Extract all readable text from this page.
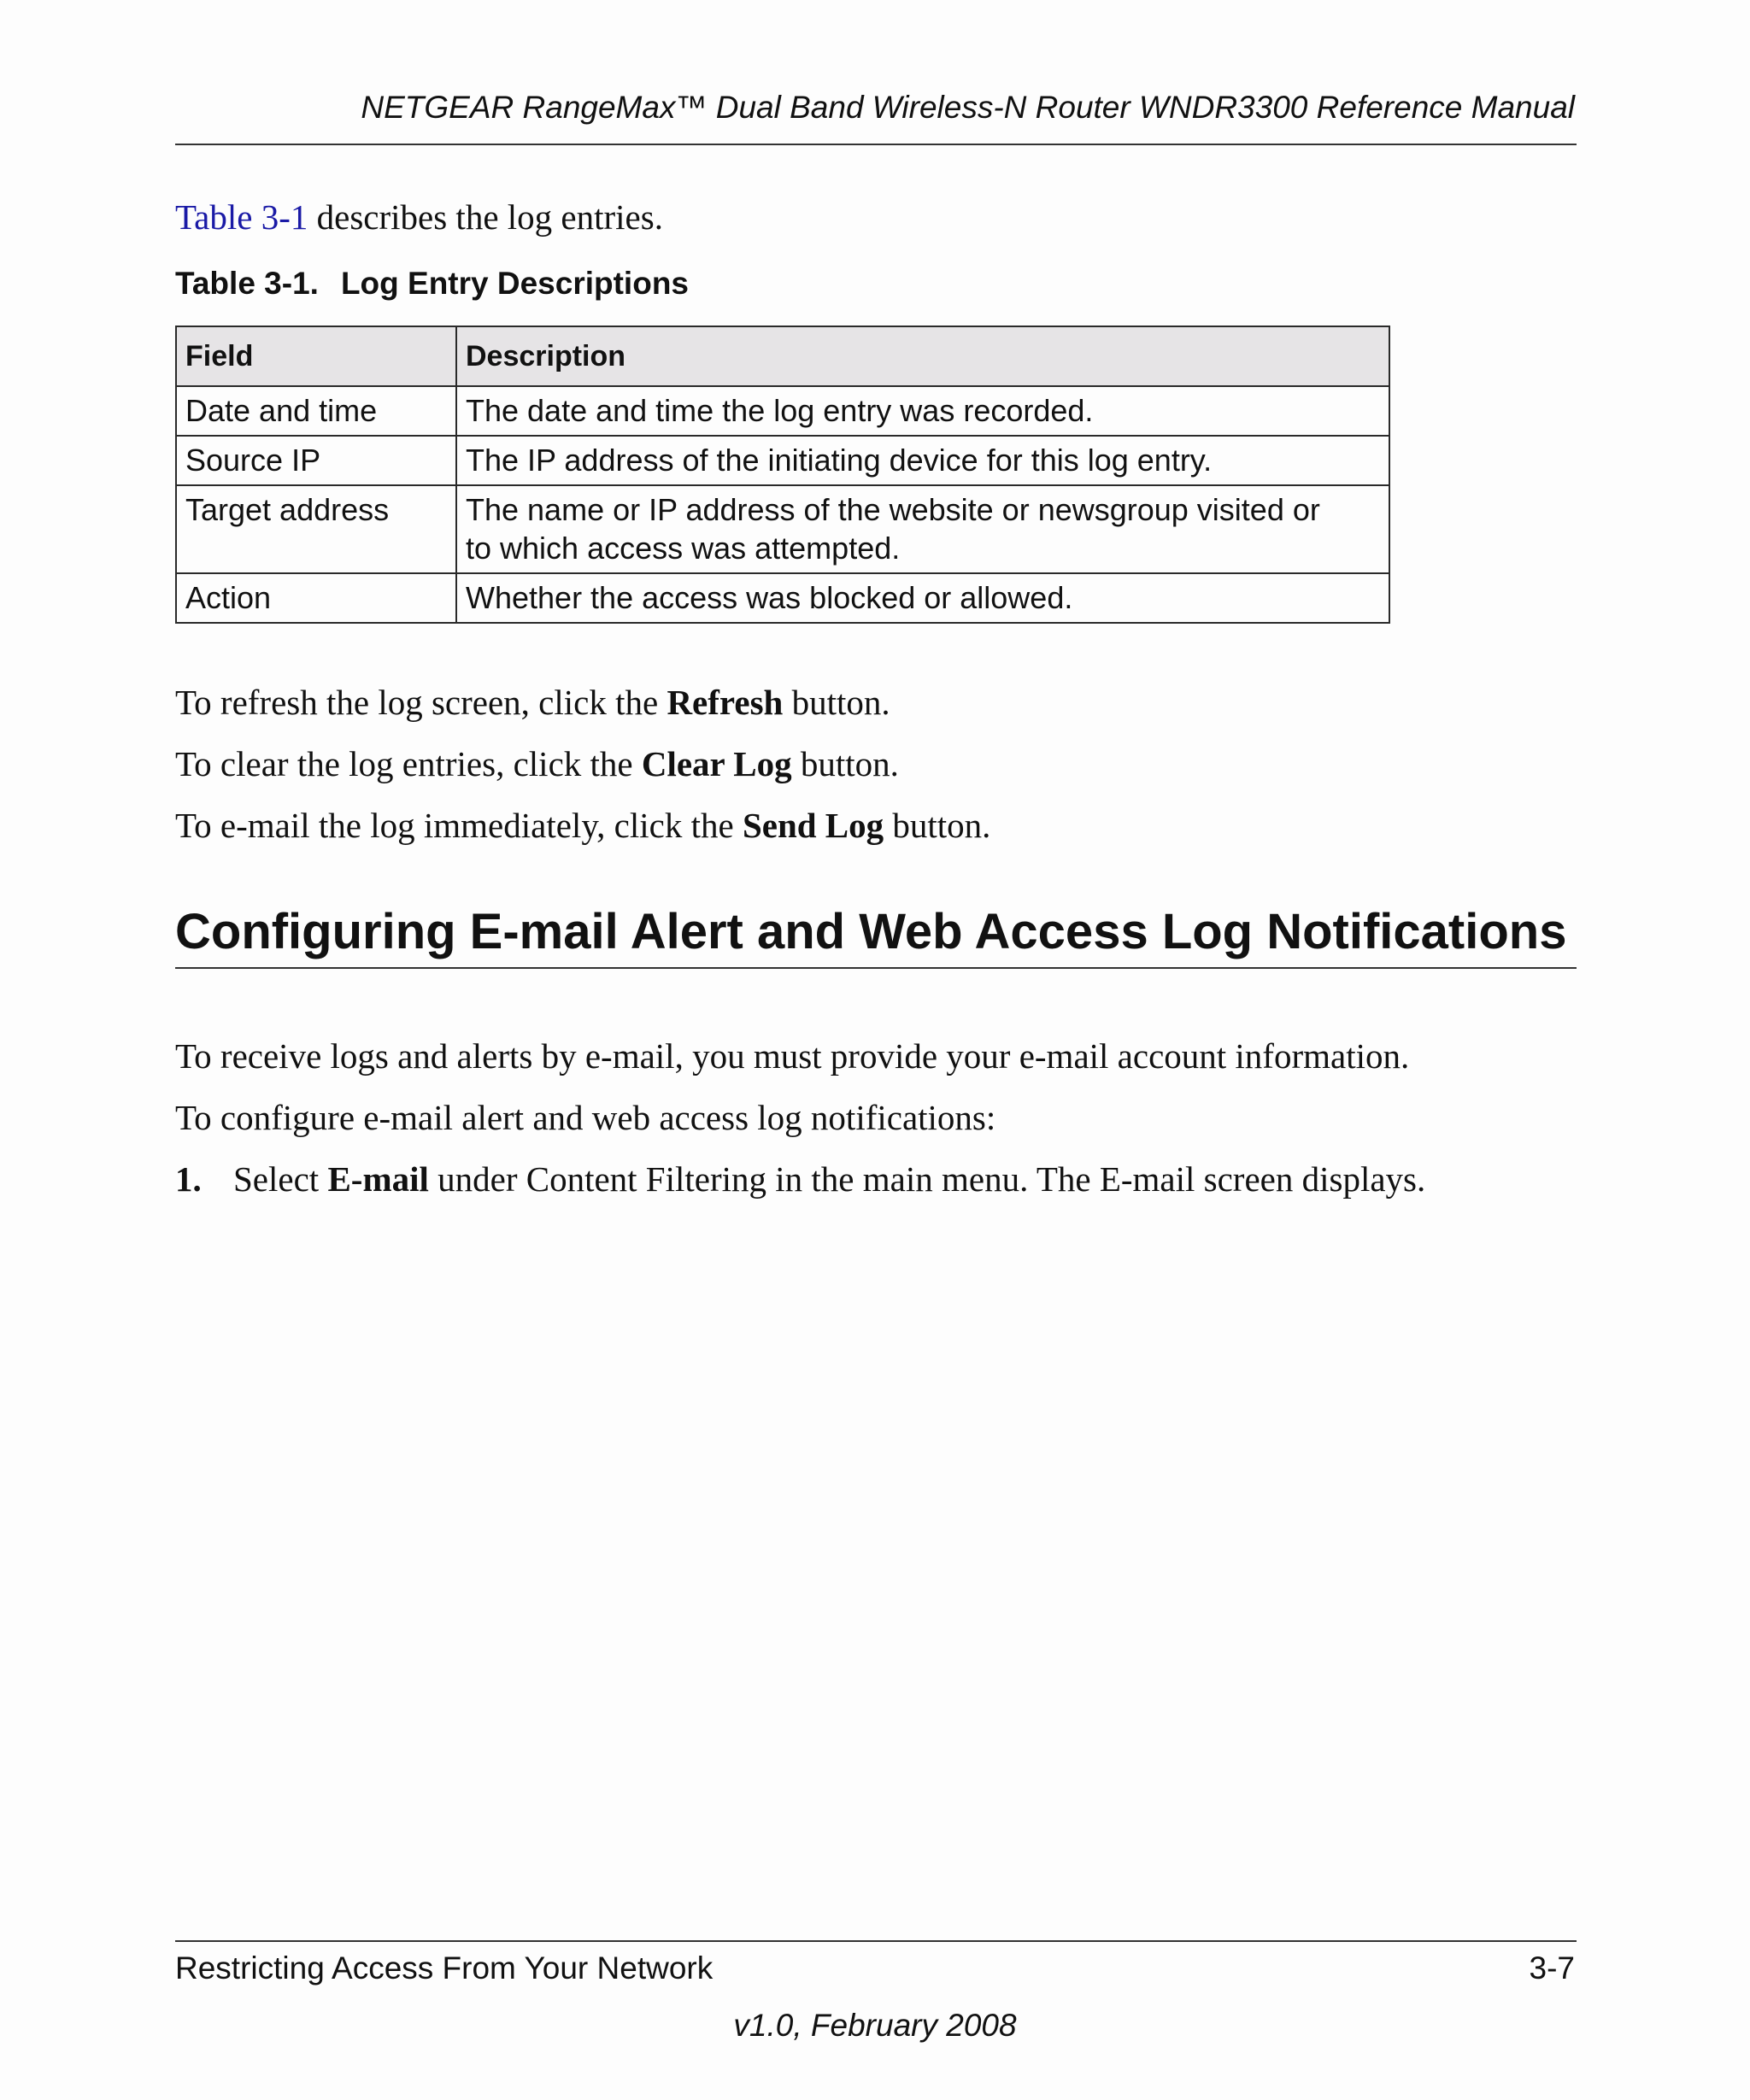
NETGEAR RangeMax™ Dual Band Wireless-N Router WNDR3300 Reference Manual
Table 3-1 describes the log entries.
Table 3-1. Log Entry Descriptions
Field	Description
Date and time	The date and time the log entry was recorded.
Source IP	The IP address of the initiating device for this log entry.
Target address	The name or IP address of the website or newsgroup visited or
to which access was attempted.
Action	Whether the access was blocked or allowed.
To refresh the log screen, click the Refresh button.
To clear the log entries, click the Clear Log button.
To e-mail the log immediately, click the Send Log button.
Configuring E-mail Alert and Web Access Log Notifications
To receive logs and alerts by e-mail, you must provide your e-mail account information.
To configure e-mail alert and web access log notifications:
1. Select E-mail under Content Filtering in the main menu. The E-mail screen displays.
Restricting Access From Your Network	3-7
v1.0, February 2008
